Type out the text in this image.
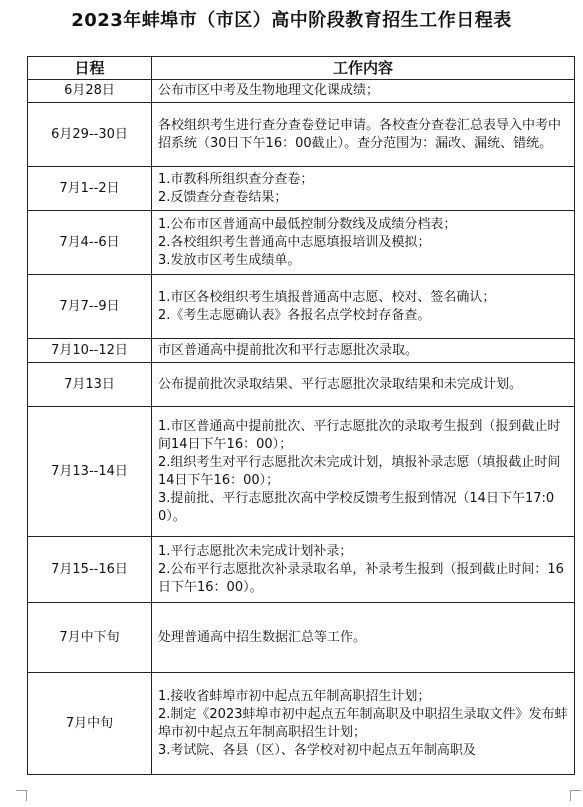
2023年蚌埠市（市区）高中阶段教育招生工作日程表
日程	工作内容
6月28日	公布市区中考及生物地理文化课成绩；

6月29--30日	各校组织考生进行查分查卷登记申请。各校查分查卷汇总表导入中考中招系统（30日下午16：00截止）。查分范围为：漏改、漏统、错统。

7月1--2日	1.市教科所组织查分查卷；
2.反馈查分查卷结果；

7月4--6日	1.公布市区普通高中最低控制分数线及成绩分档表；
2.各校组织考生普通高中志愿填报培训及模拟；
3.发放市区考生成绩单。

7月7--9日	1.市区各校组织考生填报普通高中志愿、校对、签名确认；
2.《考生志愿确认表》各报名点学校封存备查。

7月10--12日	市区普通高中提前批次和平行志愿批次录取。

7月13日	公布提前批次录取结果、平行志愿批次录取结果和未完成计划。

7月13--14日	1.市区普通高中提前批次、平行志愿批次的录取考生报到（报到截止时间14日下午16：00）；
2.组织考生对平行志愿批次未完成计划，填报补录志愿（填报截止时间14日下午16：00）；
3.提前批、平行志愿批次高中学校反馈考生报到情况（14日下午17:00）。

7月15--16日	1.平行志愿批次未完成计划补录；
2.公布平行志愿批次补录录取名单，补录考生报到（报到截止时间：16日下午16：00）。

7月中下旬	处理普通高中招生数据汇总等工作。

7月中旬	1.接收省蚌埠市初中起点五年制高职招生计划；
2.制定《2023蚌埠市初中起点五年制高职及中职招生录取文件》发布蚌埠市初中起点五年制高职招生计划；
3.考试院、各县（区）、各学校对初中起点五年制高职及
